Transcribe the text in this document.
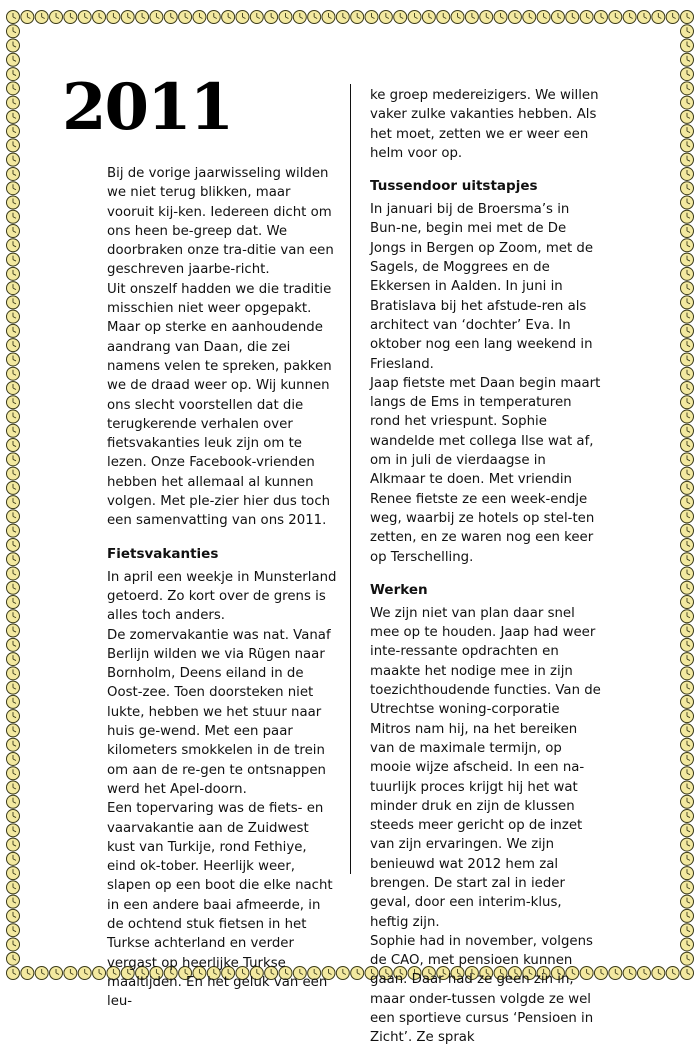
2011

Bij de vorige jaarwisseling wilden we niet terug blikken, maar vooruit kij-ken. Iedereen dicht om ons heen be-greep dat. We doorbraken onze tra-ditie van een geschreven jaarbe-richt.

Uit onszelf hadden we die traditie misschien niet weer opgepakt. Maar op sterke en aanhoudende aandrang van Daan, die zei namens velen te spreken, pakken we de draad weer op. Wij kunnen ons slecht voorstellen dat die terugkerende verhalen over fietsvakanties leuk zijn om te lezen. Onze Facebook-vrienden hebben het allemaal al kunnen volgen. Met ple-zier hier dus toch een samenvatting van ons 2011.

Fietsvakanties

In april een weekje in Munsterland getoerd. Zo kort over de grens is alles toch anders.

De zomervakantie was nat. Vanaf Berlijn wilden we via Rügen naar Bornholm, Deens eiland in de Oost-zee. Toen doorsteken niet lukte, hebben we het stuur naar huis ge-wend. Met een paar kilometers smokkelen in de trein om aan de re-gen te ontsnappen werd het Apel-doorn.

Een topervaring was de fiets- en vaarvakantie aan de Zuidwest kust van Turkije, rond Fethiye, eind ok-tober. Heerlijk weer, slapen op een boot die elke nacht in een andere baai afmeerde, in de ochtend stuk fietsen in het Turkse achterland en verder vergast op heerlijke Turkse maaltijden. En het geluk van een leu-

ke groep medereizigers. We willen vaker zulke vakanties hebben. Als het moet, zetten we er weer een helm voor op.

Tussendoor uitstapjes

In januari bij de Broersma’s in Bun-ne, begin mei met de De Jongs in Bergen op Zoom, met de Sagels, de Moggrees en de Ekkersen in Aalden. In juni in Bratislava bij het afstude-ren als architect van ‘dochter’ Eva. In oktober nog een lang weekend in Friesland.

Jaap fietste met Daan begin maart langs de Ems in temperaturen rond het vriespunt. Sophie wandelde met collega Ilse wat af, om in juli de vierdaagse in Alkmaar te doen. Met vriendin Renee fietste ze een week-endje weg, waarbij ze hotels op stel-ten zetten, en ze waren nog een keer op Terschelling.

Werken

We zijn niet van plan daar snel mee op te houden. Jaap had weer inte-ressante opdrachten en maakte het nodige mee in zijn toezichthoudende functies. Van de Utrechtse woning-corporatie Mitros nam hij, na het bereiken van de maximale termijn, op mooie wijze afscheid. In een na-tuurlijk proces krijgt hij het wat minder druk en zijn de klussen steeds meer gericht op de inzet van zijn ervaringen. We zijn benieuwd wat 2012 hem zal brengen. De start zal in ieder geval, door een interim-klus, heftig zijn.

Sophie had in november, volgens de CAO, met pensioen kunnen gaan. Daar had ze geen zin in, maar onder-tussen volgde ze wel een sportieve cursus ‘Pensioen in Zicht’. Ze sprak
